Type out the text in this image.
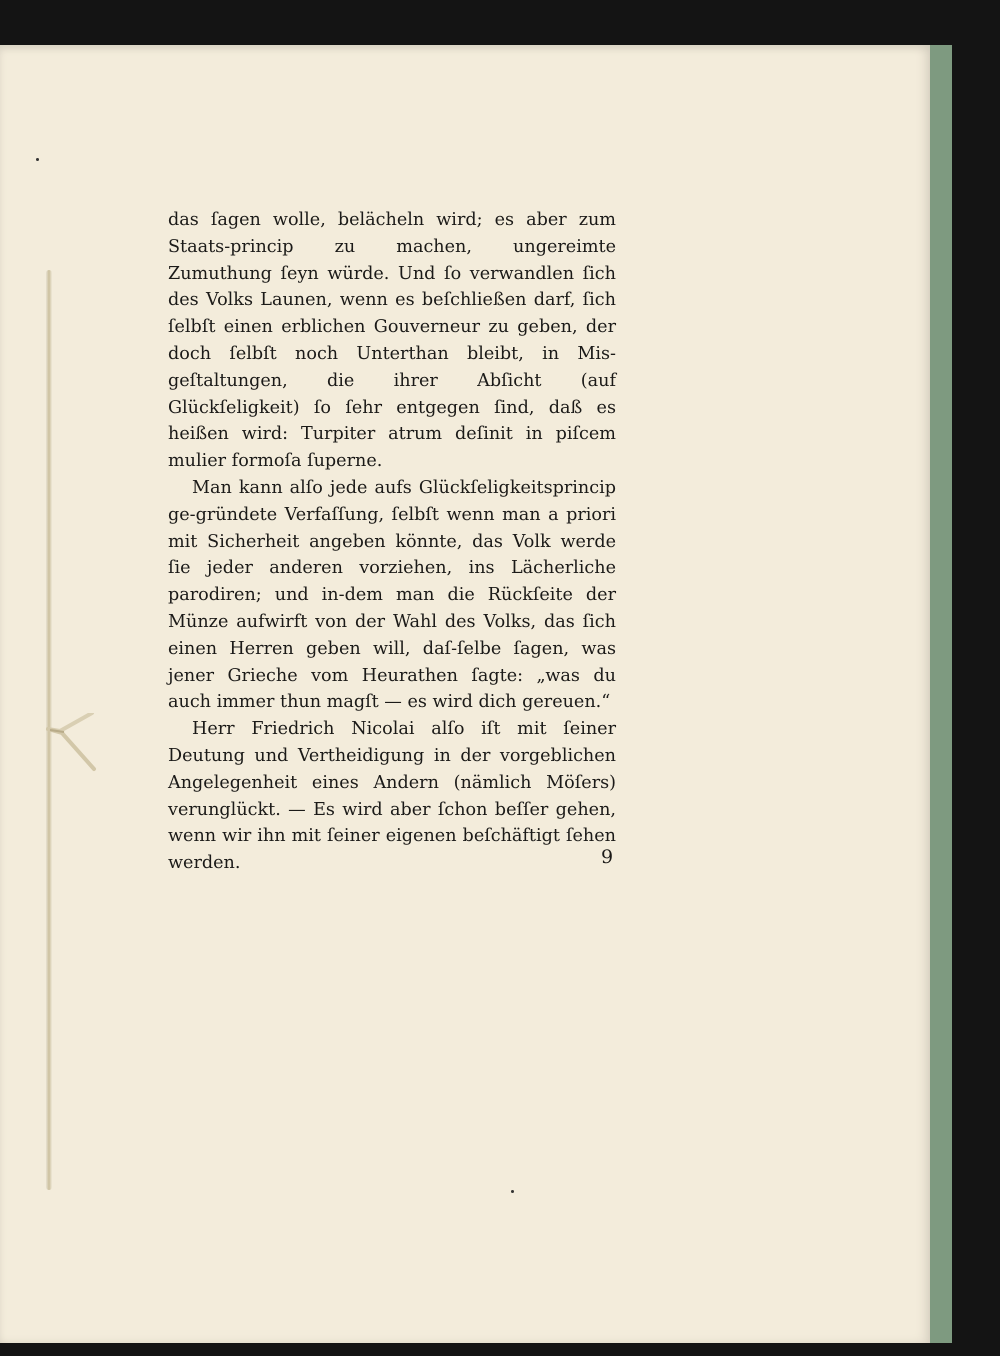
das ſagen wolle, belächeln wird; es aber zum Staats-princip zu machen, ungereimte Zumuthung ſeyn würde. Und ſo verwandlen ſich des Volks Launen, wenn es beſchließen darf, ſich ſelbſt einen erblichen Gouverneur zu geben, der doch ſelbſt noch Unterthan bleibt, in Mis-geſtaltungen, die ihrer Abſicht (auf Glückſeligkeit) ſo ſehr entgegen ſind, daß es heißen wird: Turpiter atrum deſinit in piſcem mulier formoſa ſuperne.

Man kann alſo jede aufs Glückſeligkeitsprincip ge-gründete Verfaſſung, ſelbſt wenn man a priori mit Sicherheit angeben könnte, das Volk werde ſie jeder anderen vorziehen, ins Lächerliche parodiren; und in-dem man die Rückſeite der Münze aufwirft von der Wahl des Volks, das ſich einen Herren geben will, daſ-ſelbe ſagen, was jener Grieche vom Heurathen ſagte: „was du auch immer thun magſt — es wird dich gereuen.“

Herr Friedrich Nicolai alſo iſt mit ſeiner Deutung und Vertheidigung in der vorgeblichen Angelegenheit eines Andern (nämlich Möſers) verunglückt. — Es wird aber ſchon beſſer gehen, wenn wir ihn mit ſeiner eigenen beſchäftigt ſehen werden.	9
